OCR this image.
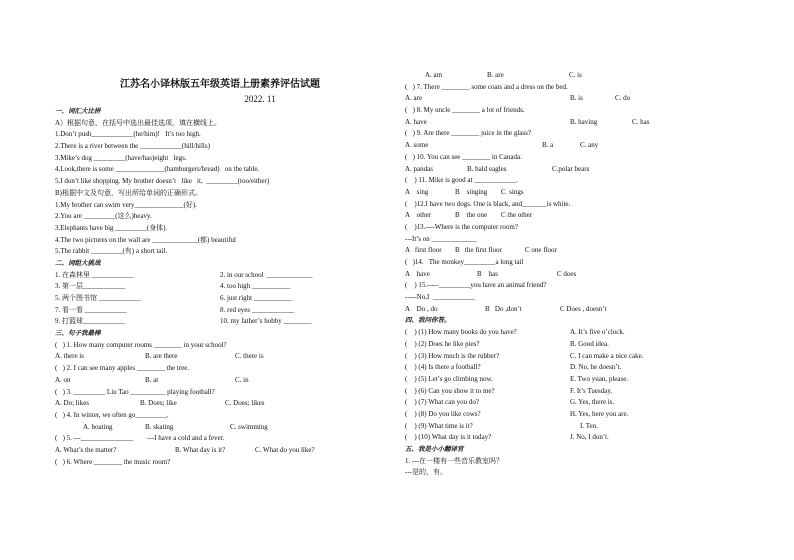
江苏名小译林版五年级英语上册素养评估试题
2022. 11
一、词汇大比拼
A）根据句意，在括号中选出最佳选项，填在横线上。
1.Don’t push____________(he/him)!   It’s too high.
2.There is a river between the ____________(hill/hills)
3.Mike’s dog _________(have/has)eight   legs.
4.Look,there is some ______________(hamburgers/bread)   on the table.
5.I don’t like shopping. My brother doesn’t   like   it,  _________(too/either)
B)根据中文及句意，写出所给单词的正确形式。
1.My brother can swim very______________(好).
2.You are _________(这么)heavy.
3.Elephants have big _________(身体).
4.The two pictures on the wall are _____________(都) beautiful
5.The rabbit _________(有) a short tail.
二、词组大挑战
1. 在森林里 ____________	2. in our school  _____________
3. 第一层____________	4. too high ___________
5. 两个图书馆 ____________	6. just right ___________
7. 看一看 ____________	8. red eyes ____________
9. 打篮球____________	10. my father’s hobby ________
三、句子我最棒
(   ) 1. How many computer rooms ________ in your school?
A. there is	B. are there	C. there is
(   ) 2. I can see many apples ________ the tree.
A. on	B. at	C. in
(   ) 3. _________ Liu Tao __________ playing football?
A. Do; likes	B. Does; like	C. Does; likes
(   ) 4. In winter, we often go_________.
A. boating	B. skating	C. swimming
(   ) 5. ---_______________        ---I have a cold and a fever.
A. What’s the matter?	B. What day is it?	C. What do you like?
(   ) 6. Where ________ the music room?
A. am	B. are	C. is
(   ) 7. There ________ some coats and a dress on the bed.
A. are	B. is	C. do
(   ) 8. My uncle ________ a lot of friends.
A. have	B. having	C. has
(   ) 9. Are there ________ juice in the glass?
A. some	B. a	C. any
(   ) 10. You can see ________ in Canada.
A. pandas	B. bald eagles	C.polar bears
(    ) 11. Mike is good at ____________.
A    sing	B    singing	C  sings
(    )12.I have two dogs. One is black, and_______is white.
A    other	B    the one	C the other
(    )13.----Where is the computer room?
---It’s on _____________
A   first floor	B   the first floor	C one floor
(   )14.   The monkey_________a long tail
A    have	B    has	C does
(    ) 15.-----_________you have an animal friend?
-----No,I  ____________
A    Do , do	B   Do ,don’t	C Does , doesn’t
四、我问你答。
(    ) (1) How many books do you have?	A. It’s five o’clock.
(    ) (2) Does he like pies?	B. Good idea.
(    ) (3) How much is the rubber?	C. I can make a nice cake.
(    ) (4) Is there a football?	D. No, he doesn’t.
(    ) (5) Let’s go climbing now.	E. Two yuan, please.
(    ) (6) Can you show it to me?	F. It’s Tuesday.
(    ) (7) What can you do?	G. Yes, there is.
(    ) (8) Do you like cows?	H. Yes, here you are.
(    ) (9) What time is it?	I. Ten.
(    ) (10) What day is it today?	J. No, I don’t.
五、我是小小翻译官
1. ---在一楼有一些音乐教室吗？
---是的，有。
